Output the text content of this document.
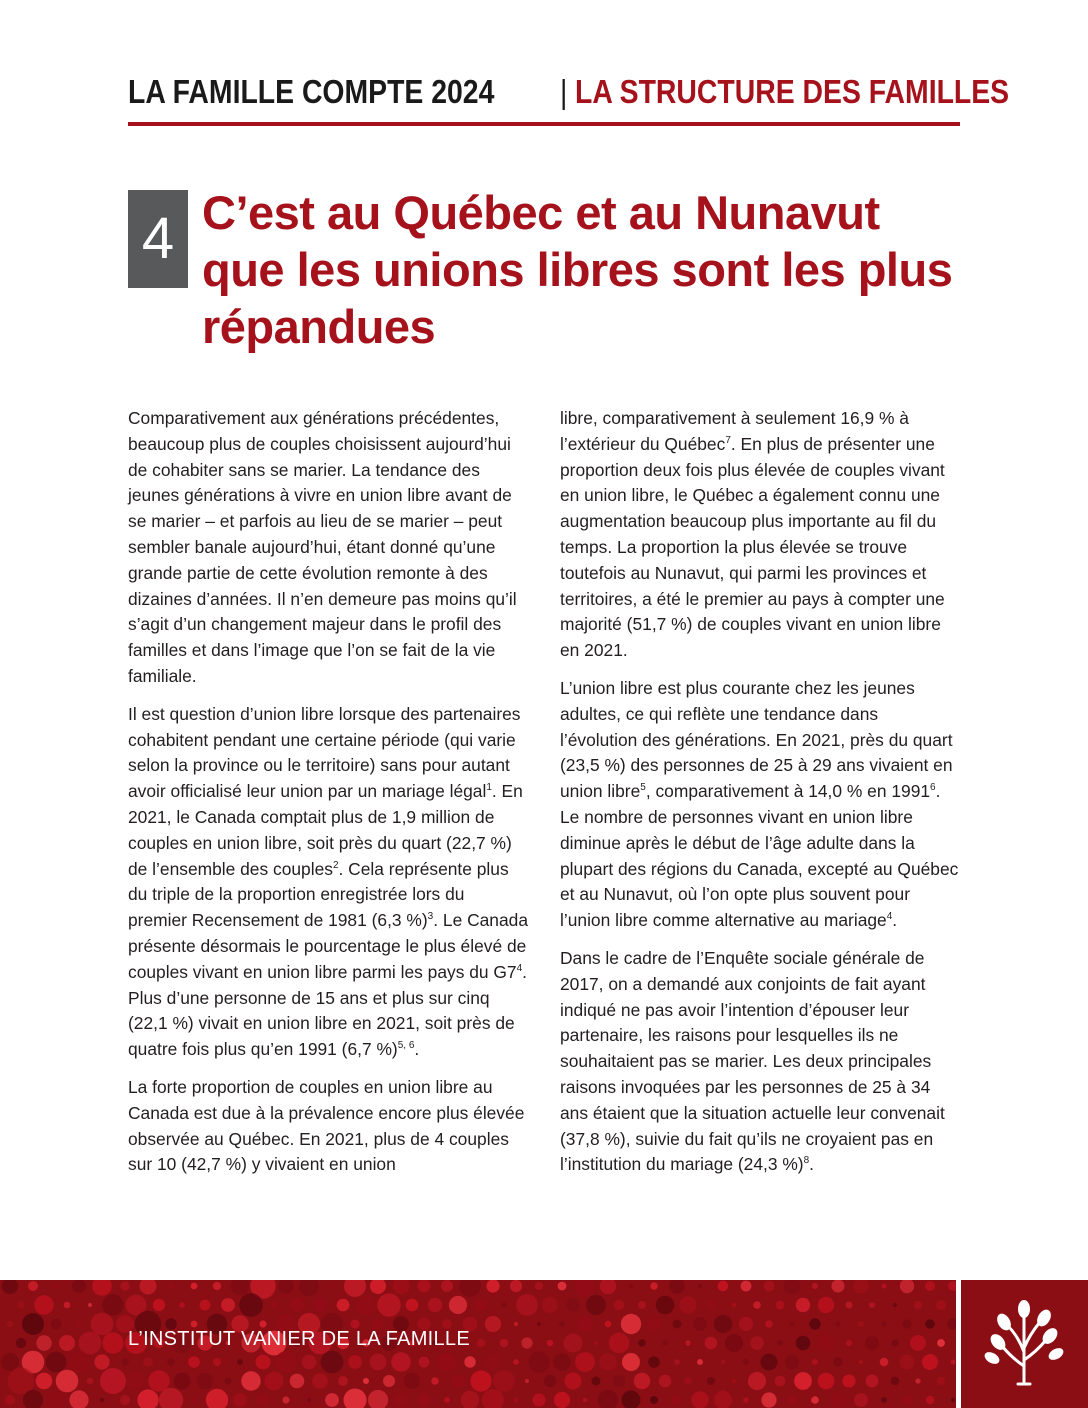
LA FAMILLE COMPTE 2024 | LA STRUCTURE DES FAMILLES
4 C’est au Québec et au Nunavut que les unions libres sont les plus répandues

Comparativement aux générations précédentes, beaucoup plus de couples choisissent aujourd’hui de cohabiter sans se marier. La tendance des jeunes générations à vivre en union libre avant de se marier – et parfois au lieu de se marier – peut sembler banale aujourd’hui, étant donné qu’une grande partie de cette évolution remonte à des dizaines d’années. Il n’en demeure pas moins qu’il s’agit d’un changement majeur dans le profil des familles et dans l’image que l’on se fait de la vie familiale.

Il est question d’union libre lorsque des partenaires cohabitent pendant une certaine période (qui varie selon la province ou le territoire) sans pour autant avoir officialisé leur union par un mariage légal$^1$. En 2021, le Canada comptait plus de 1,9 million de couples en union libre, soit près du quart (22,7 %) de l’ensemble des couples$^2$. Cela représente plus du triple de la proportion enregistrée lors du premier Recensement de 1981 (6,3 %)$^3$. Le Canada présente désormais le pourcentage le plus élevé de couples vivant en union libre parmi les pays du $G7^4$. Plus d’une personne de 15 ans et plus sur cinq (22,1 %) vivait en union libre en 2021, soit près de quatre fois plus qu’en 1991 (6,7 %)$^{5, 6}$.

La forte proportion de couples en union libre au Canada est due à la prévalence encore plus élevée observée au Québec. En 2021, plus de 4 couples sur 10 (42,7 %) y vivaient en union

libre, comparativement à seulement 16,9 % à l’extérieur du Québec$^7$. En plus de présenter une proportion deux fois plus élevée de couples vivant en union libre, le Québec a également connu une augmentation beaucoup plus importante au fil du temps. La proportion la plus élevée se trouve toutefois au Nunavut, qui parmi les provinces et territoires, a été le premier au pays à compter une majorité (51,7 %) de couples vivant en union libre en 2021.

L’union libre est plus courante chez les jeunes adultes, ce qui reflète une tendance dans l’évolution des générations. En 2021, près du quart (23,5 %) des personnes de 25 à 29 ans vivaient en union libre$^5$, comparativement à 14,0 % en 1991$^6$. Le nombre de personnes vivant en union libre diminue après le début de l’âge adulte dans la plupart des régions du Canada, excepté au Québec et au Nunavut, où l’on opte plus souvent pour l’union libre comme alternative au mariage$^4$.

Dans le cadre de l’Enquête sociale générale de 2017, on a demandé aux conjoints de fait ayant indiqué ne pas avoir l’intention d’épouser leur partenaire, les raisons pour lesquelles ils ne souhaitaient pas se marier. Les deux principales raisons invoquées par les personnes de 25 à 34 ans étaient que la situation actuelle leur convenait (37,8 %), suivie du fait qu’ils ne croyaient pas en l’institution du mariage (24,3 %)$^8$.

L’INSTITUT VANIER DE LA FAMILLE
